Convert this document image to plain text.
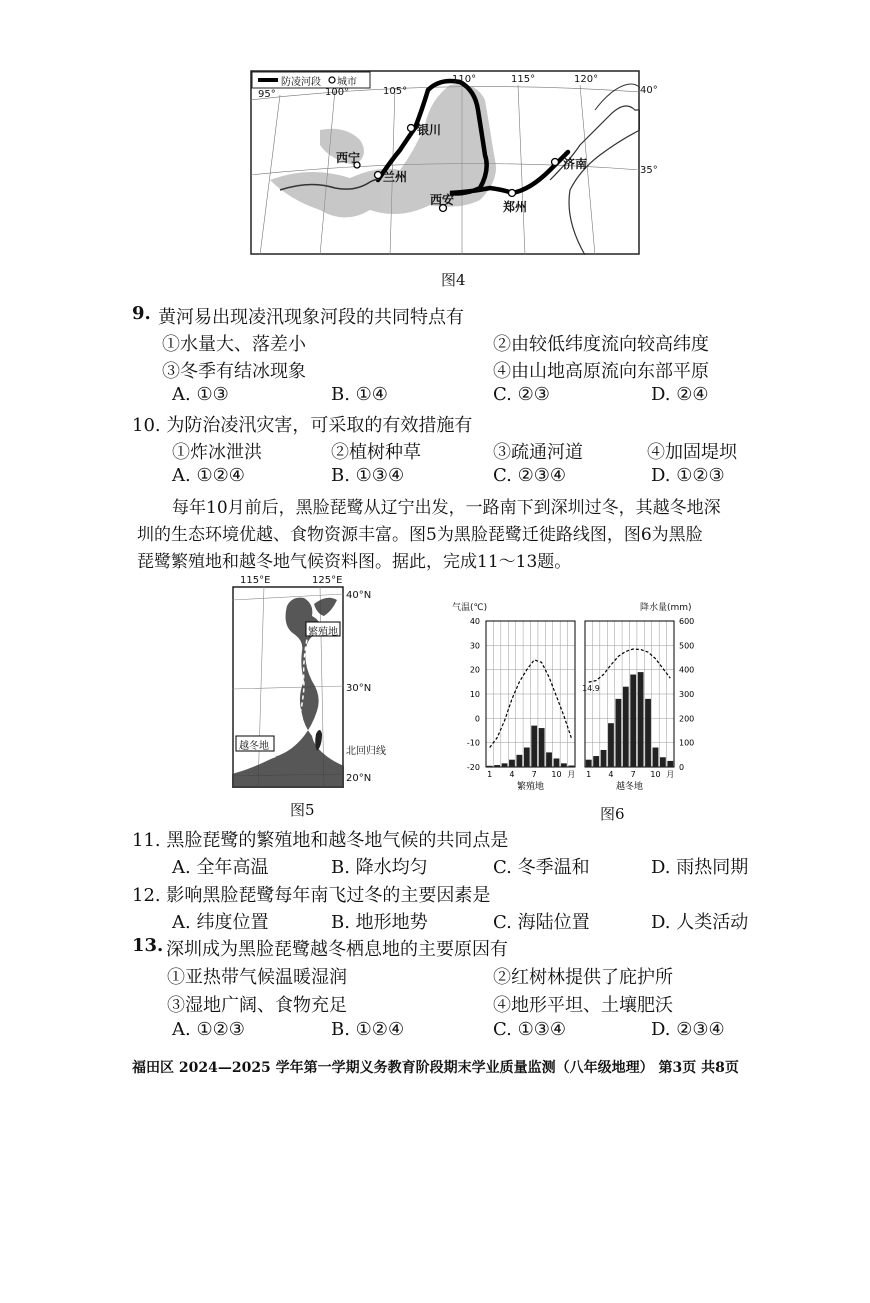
防凌河段 城市
95°	100°	105°
110°	115°	120°
40°
35°
银川
西宁
兰州
西安	郑州
济南
图4
9. 黄河易出现凌汛现象河段的共同特点有
①水量大、落差小	②由较低纬度流向较高纬度
③冬季有结冰现象	④由山地高原流向东部平原
A. ①③	B. ①④	C. ②③	D. ②④
10. 为防治凌汛灾害，可采取的有效措施有
①炸冰泄洪	②植树种草	③疏通河道	④加固堤坝
A. ①②④	B. ①③④	C. ②③④	D. ①②③
每年10月前后，黑脸琵鹭从辽宁出发，一路南下到深圳过冬，其越冬地深
圳的生态环境优越、食物资源丰富。图5为黑脸琵鹭迁徙路线图，图6为黑脸
琵鹭繁殖地和越冬地气候资料图。据此，完成11～13题。
115°E	125°E
40°N
30°N
20°N
繁殖地
越冬地	北回归线
图5
40
30
20
10
0
-10
-20
600
500
400
300
200
100
0
1 4 7 10 月
繁殖地
1 4 7 10 月
越冬地
气温(℃)	降水量(mm)
14.9
图6
11. 黑脸琵鹭的繁殖地和越冬地气候的共同点是
A. 全年高温	B. 降水均匀	C. 冬季温和	D. 雨热同期
12. 影响黑脸琵鹭每年南飞过冬的主要因素是
A. 纬度位置	B. 地形地势	C. 海陆位置	D. 人类活动
13. 深圳成为黑脸琵鹭越冬栖息地的主要原因有
①亚热带气候温暖湿润	②红树林提供了庇护所
③湿地广阔、食物充足	④地形平坦、土壤肥沃
A. ①②③	B. ①②④	C. ①③④	D. ②③④
福田区 2024—2025 学年第一学期义务教育阶段期末学业质量监测（八年级地理） 第3页 共8页
